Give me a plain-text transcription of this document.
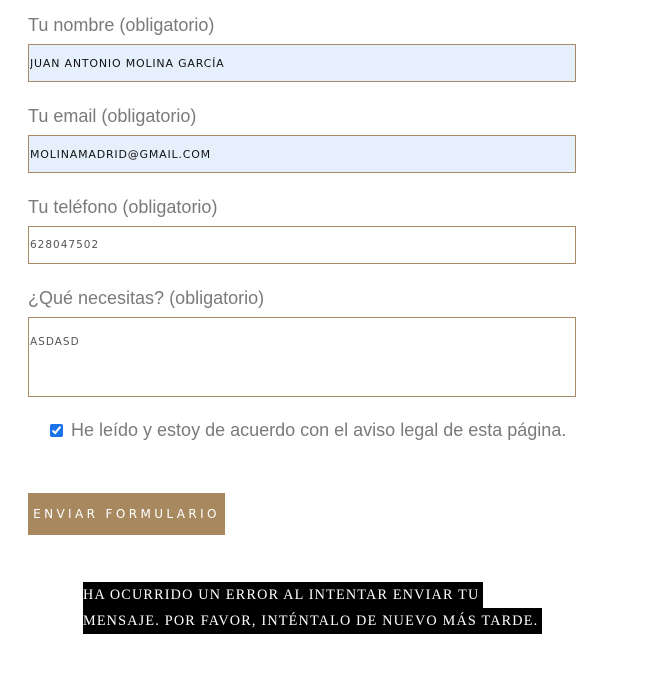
Tu nombre (obligatorio)
JUAN ANTONIO MOLINA GARCÍA
Tu email (obligatorio)
MOLINAMADRID@GMAIL.COM
Tu teléfono (obligatorio)
628047502
¿Qué necesitas? (obligatorio)
ASDASD
He leído y estoy de acuerdo con el aviso legal de esta página.
ENVIAR FORMULARIO
HA OCURRIDO UN ERROR AL INTENTAR ENVIAR TU
MENSAJE. POR FAVOR, INTÉNTALO DE NUEVO MÁS TARDE.
